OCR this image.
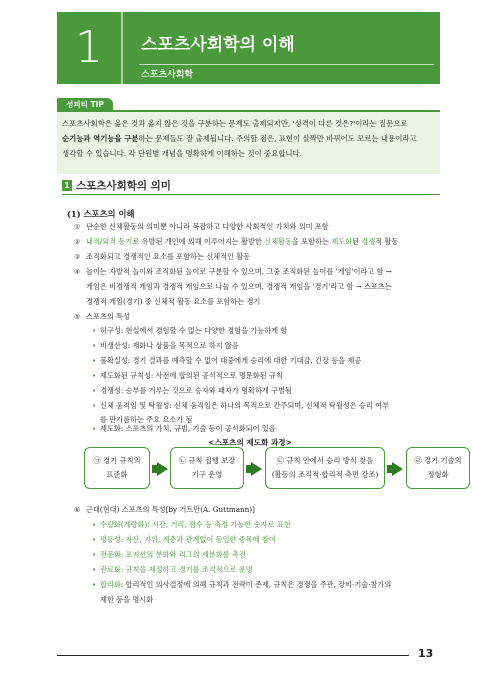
1	스포츠사회학의 이해
스포츠사회학
성피티 TIP
스포츠사회학은 옳은 것과 옳지 않은 것을 구분하는 문제도 출제되지만, '성격이 다른 것은?'이라는 질문으로
순기능과 역기능을 구분하는 문제들도 잘 출제됩니다. 주의할 점은, 표현이 살짝만 바뀌어도 모르는 내용이라고
생각할 수 있습니다. 각 단원별 개념을 명확하게 이해하는 것이 중요합니다.
1 스포츠사회학의 의미
(1) 스포츠의 이해
① 단순한 신체활동의 의미뿐 아니라 복잡하고 다양한 사회적인 가치와 의미 포함
② 내적/외적 동기로 유발된 개인에 의해 이루어지는 활발한 신체활동을 포함하는 제도화된 경쟁적 활동
③ 조직화되고 경쟁적인 요소를 포함하는 신체적인 활동
④ 놀이는 자발적 놀이와 조직화된 놀이로 구분할 수 있으며, 그중 조직화된 놀이를 '게임'이라고 함 →
게임은 비경쟁적 게임과 경쟁적 게임으로 나눌 수 있으며, 경쟁적 게임을 '경기'라고 함 → 스포츠는
경쟁적 게임(경기) 중 신체적 활동 요소를 포함하는 경기
⑤ 스포츠의 특성
• 허구성: 현실에서 경험할 수 없는 다양한 경험을 가능하게 함
• 비생산성: 재화나 상품을 목적으로 하지 않음
• 불확실성: 경기 결과를 예측할 수 없어 대중에게 승리에 대한 기대감, 긴장 등을 제공
• 제도화된 규칙성: 사전에 합의된 공식적으로 명문화된 규칙
• 경쟁성: 승부를 겨루는 것으로 승자와 패자가 명확하게 구별됨
• 신체 움직임 및 탁월성: 신체 움직임은 하나의 목적으로 간주되며, 신체적 탁월성은 승리 여부
를 판가름하는 주요 요소가 됨
<스포츠의 제도화 과정>
㉠ 경기 규칙의
표준화
㉡ 규칙 집행 보장
기구 운영
㉢ 규칙 안에서 승리 방식 찾음
(활동의 조직적·합리적 측면 강조)
㉣ 경기 기술의
정형화
⑥ 근대(현대) 스포츠의 특성[by 거트만(A. Guttmann)]
• 수량화(계량화): 시간, 거리, 점수 등 측정 가능한 숫자로 표현
• 평등성: 자산, 지위, 계층과 관계없이 동일한 종목에 참여
• 전문화: 포지션의 분화와 리그의 세분화를 촉진
• 관료화: 규칙을 제정하고 경기를 조직적으로 운영
• 합리화: 합리적인 의사결정에 의해 규칙과 전략이 존재, 규칙은 경쟁을 주관, 장비·기술·참가의
제한 등을 명시화
13
• 제도화: 스포츠의 가치, 규범, 기술 등이 공식화되어 있음
